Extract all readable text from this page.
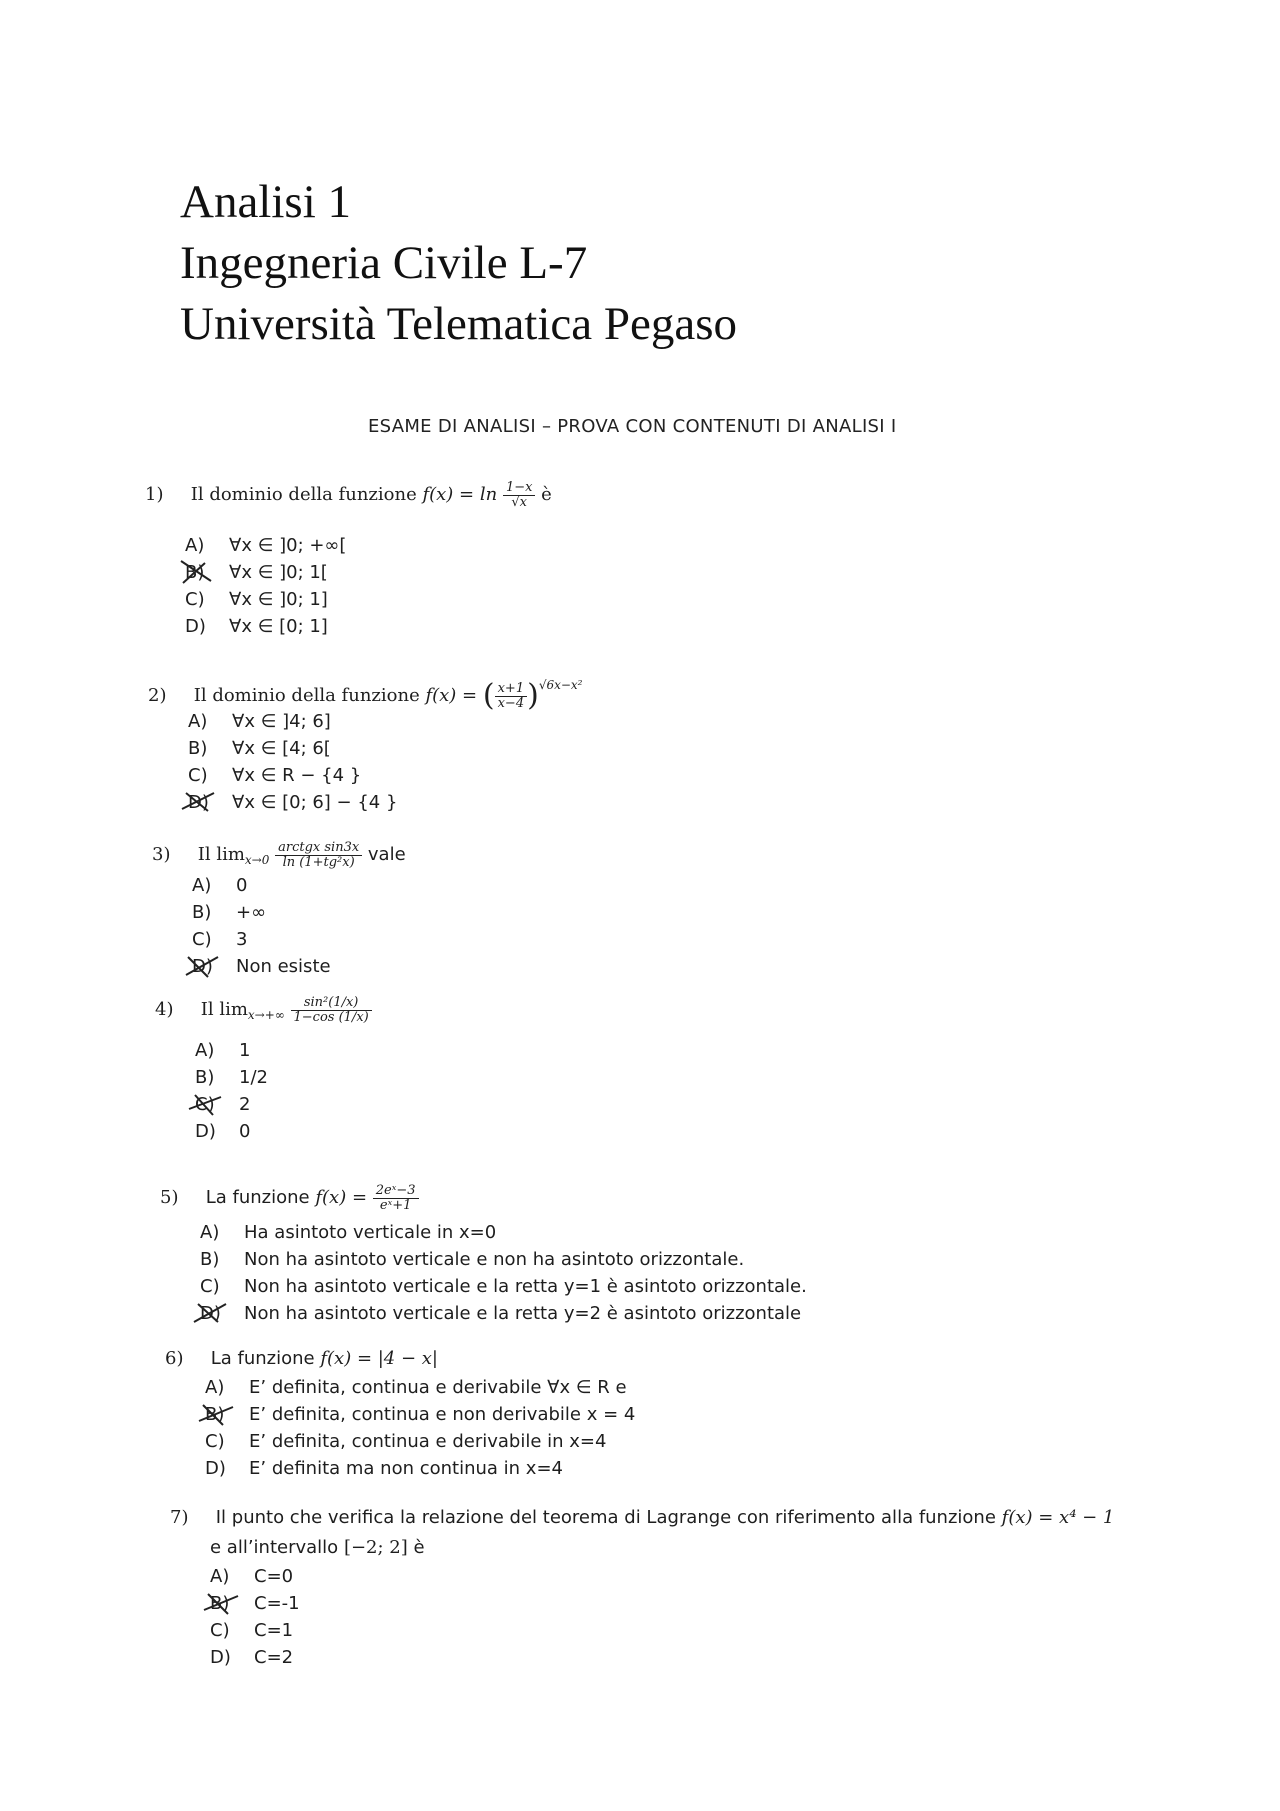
Analisi 1
Ingegneria Civile L-7
Università Telematica Pegaso
ESAME DI ANALISI – PROVA CON CONTENUTI DI ANALISI I
1) Il dominio della funzione $f(x) = \ln \frac{1-x}{√x}$ è
A) ∀x ∈ ]0; +∞[
B) ∀x ∈ ]0; 1[
C) ∀x ∈ ]0; 1]
D) ∀x ∈ [0; 1]
2) Il dominio della funzione f(x) = ( $\frac{x+1}{x-4} )^{√6x-x^2}$
A) ∀x ∈ ]4; 6]
B) ∀x ∈ [4; 6[
C) ∀x ∈ R − {4 }
D) ∀x ∈ [0; 6] − {4 }
3) Il $\lim_{x\to 0} \frac{\text{arctgx sin3x}}{\text{ln (1+tg²x)}}$ vale
A) 0
B) +∞
C) 3
D) Non esiste
4) Il $\lim_{x\to+\infty} \frac{\text{sin²(1/x)}}{1-\cos (1/x)}$
A) 1
B) 1/2
C) 2
D) 0
5) La funzione $f(x) = \frac{\text{2eˣ−3}}{\text{eˣ+1}}$
A) Ha asintoto verticale in x=0
B) Non ha asintoto verticale e non ha asintoto orizzontale.
C) Non ha asintoto verticale e la retta y=1 è asintoto orizzontale.
D) Non ha asintoto verticale e la retta y=2 è asintoto orizzontale
6) La funzione f(x) = |4 − x|
A) E’ definita, continua e derivabile ∀x ∈ R e
B) E’ definita, continua e non derivabile x = 4
C) E’ definita, continua e derivabile in x=4
D) E’ definita ma non continua in x=4
7) Il punto che verifica la relazione del teorema di Lagrange con riferimento alla funzione f(x) = x⁴ − 1
e all’intervallo [−2; 2] è
A) C=0
B) C=-1
C) C=1
D) C=2
